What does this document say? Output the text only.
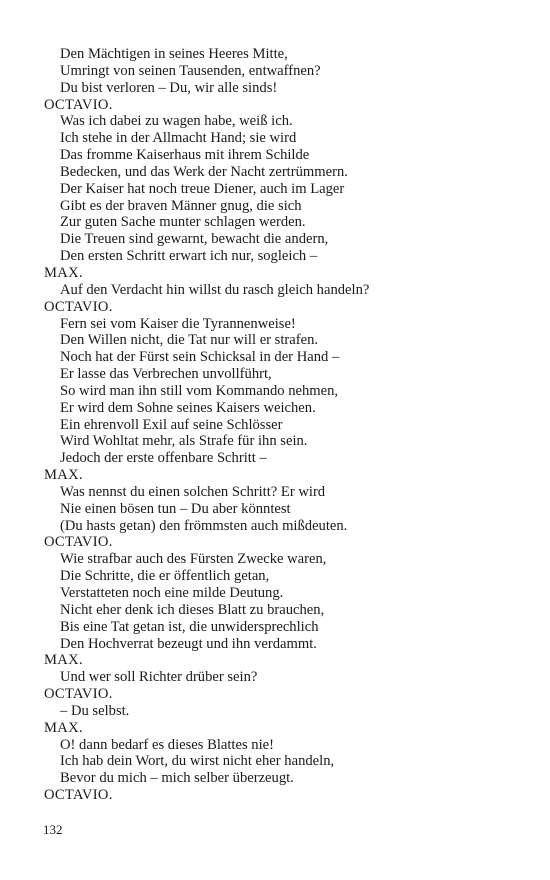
Den Mächtigen in seines Heeres Mitte,
Umringt von seinen Tausenden, entwaffnen?
Du bist verloren – Du, wir alle sinds!
OCTAVIO.
Was ich dabei zu wagen habe, weiß ich.
Ich stehe in der Allmacht Hand; sie wird
Das fromme Kaiserhaus mit ihrem Schilde
Bedecken, und das Werk der Nacht zertrümmern.
Der Kaiser hat noch treue Diener, auch im Lager
Gibt es der braven Männer gnug, die sich
Zur guten Sache munter schlagen werden.
Die Treuen sind gewarnt, bewacht die andern,
Den ersten Schritt erwart ich nur, sogleich –
MAX.
Auf den Verdacht hin willst du rasch gleich handeln?
OCTAVIO.
Fern sei vom Kaiser die Tyrannenweise!
Den Willen nicht, die Tat nur will er strafen.
Noch hat der Fürst sein Schicksal in der Hand –
Er lasse das Verbrechen unvollführt,
So wird man ihn still vom Kommando nehmen,
Er wird dem Sohne seines Kaisers weichen.
Ein ehrenvoll Exil auf seine Schlösser
Wird Wohltat mehr, als Strafe für ihn sein.
Jedoch der erste offenbare Schritt –
MAX.
Was nennst du einen solchen Schritt? Er wird
Nie einen bösen tun – Du aber könntest
(Du hasts getan) den frömmsten auch mißdeuten.
OCTAVIO.
Wie strafbar auch des Fürsten Zwecke waren,
Die Schritte, die er öffentlich getan,
Verstatteten noch eine milde Deutung.
Nicht eher denk ich dieses Blatt zu brauchen,
Bis eine Tat getan ist, die unwidersprechlich
Den Hochverrat bezeugt und ihn verdammt.
MAX.
Und wer soll Richter drüber sein?
OCTAVIO.
– Du selbst.
MAX.
O! dann bedarf es dieses Blattes nie!
Ich hab dein Wort, du wirst nicht eher handeln,
Bevor du mich – mich selber überzeugt.
OCTAVIO.
132
